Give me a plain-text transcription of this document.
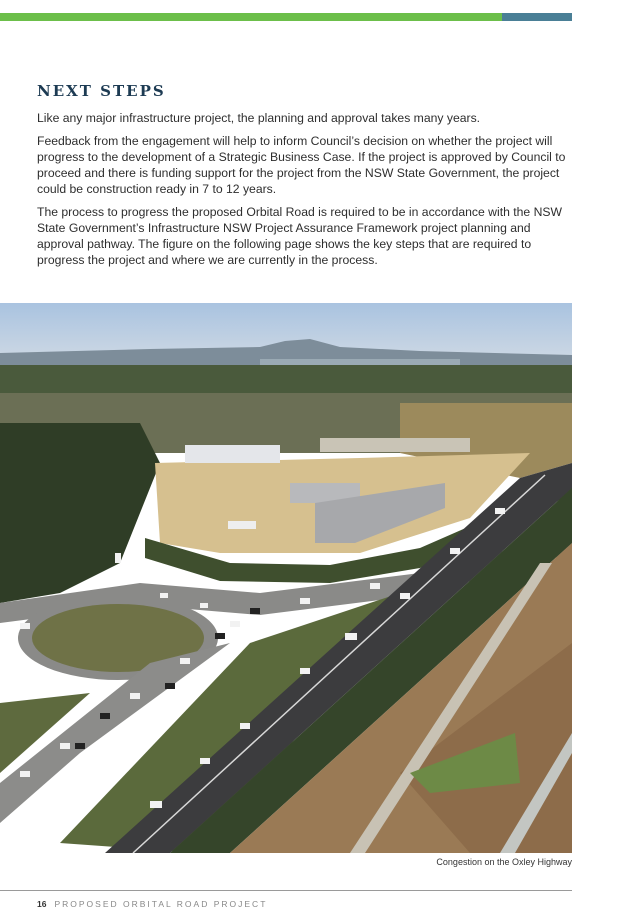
NEXT STEPS

Like any major infrastructure project, the planning and approval takes many years.

Feedback from the engagement will help to inform Council’s decision on whether the project will progress to the development of a Strategic Business Case. If the project is approved by Council to proceed and there is funding support for the project from the NSW State Government, the project could be construction ready in 7 to 12 years.

The process to progress the proposed Orbital Road is required to be in accordance with the NSW State Government’s Infrastructure NSW Project Assurance Framework project planning and approval pathway. The figure on the following page shows the key steps that are required to progress the project and where we are currently in the process.

Congestion on the Oxley Highway
16 PROPOSED ORBITAL ROAD PROJECT
